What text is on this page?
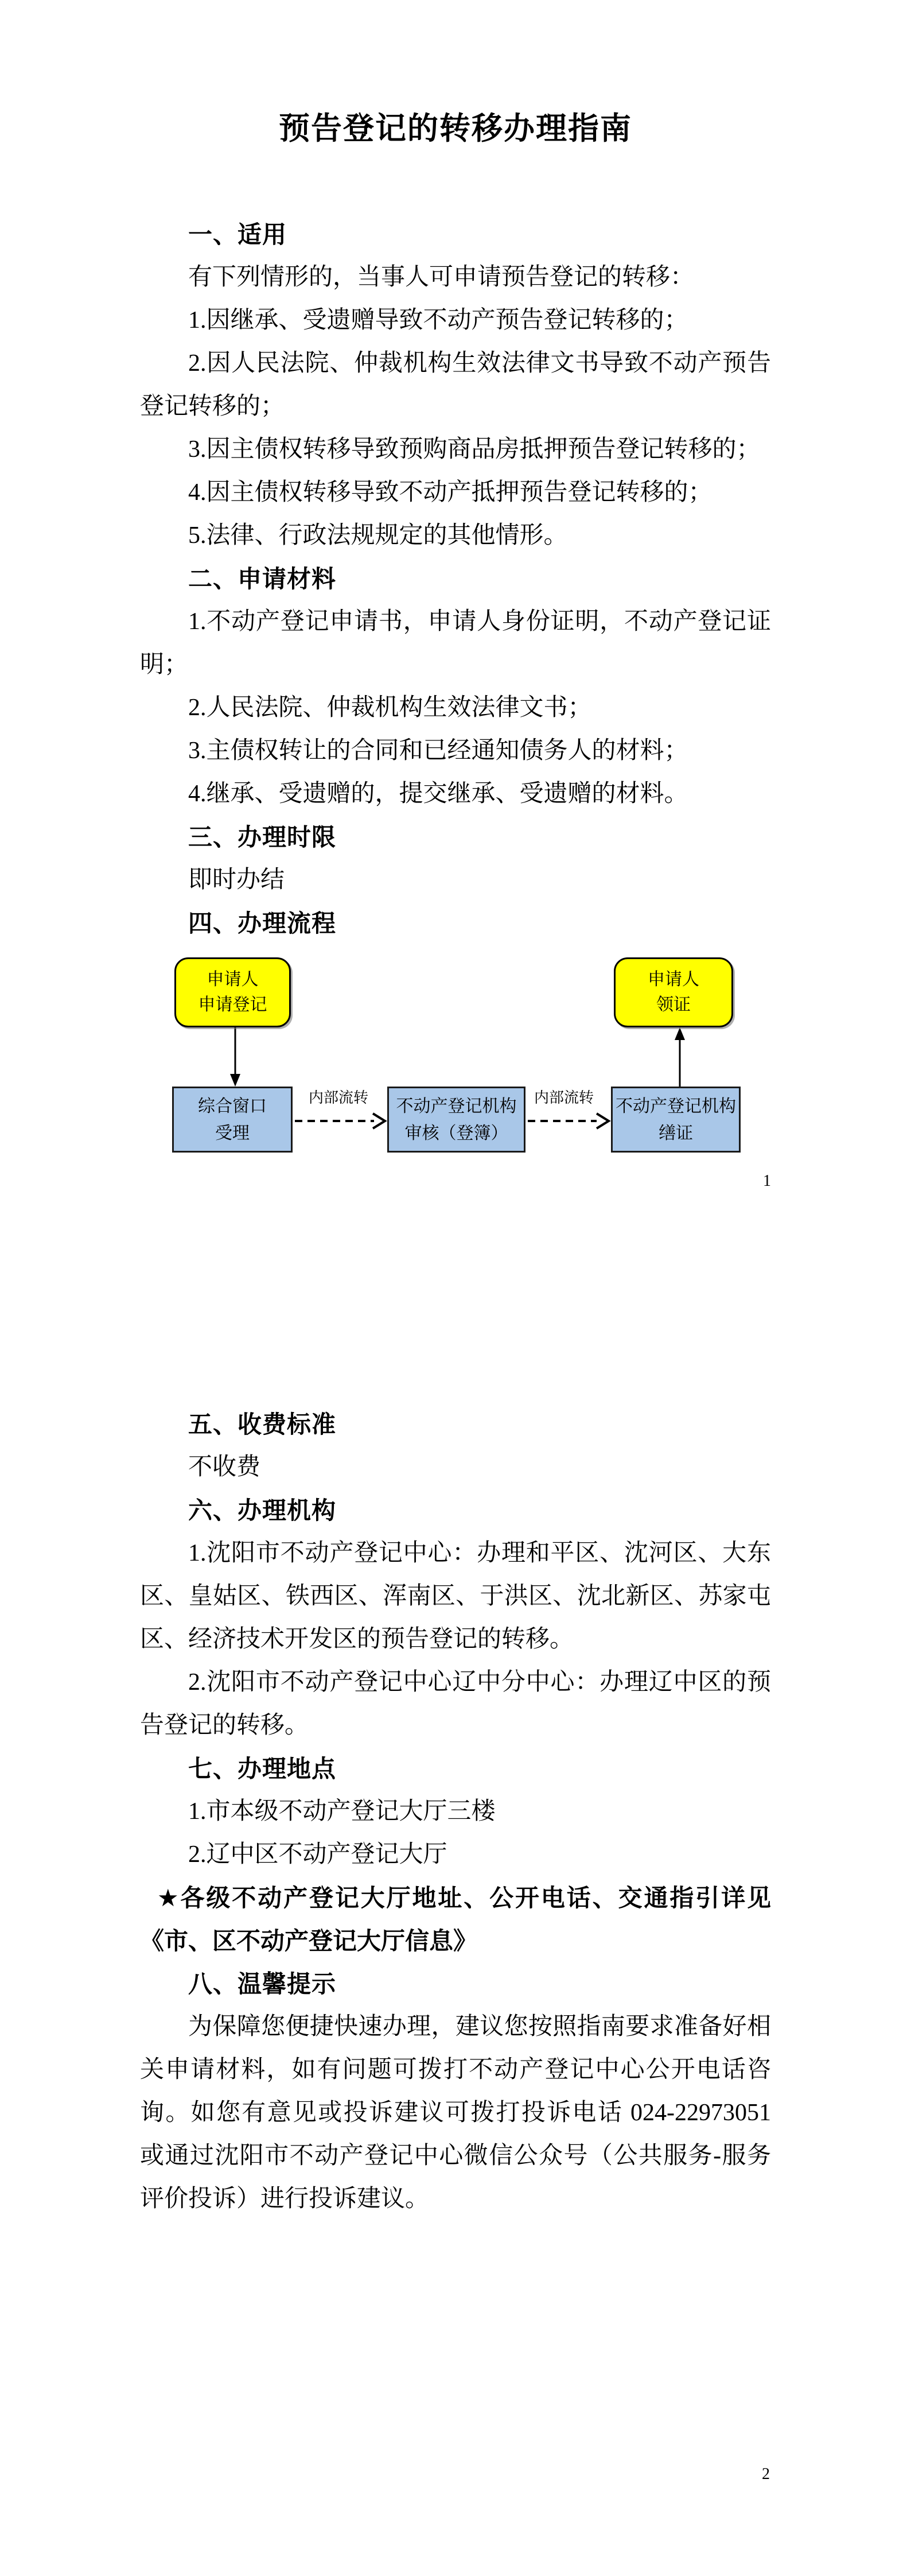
预告登记的转移办理指南
一、适用

有下列情形的，当事人可申请预告登记的转移：

1.因继承、受遗赠导致不动产预告登记转移的；

2.因人民法院、仲裁机构生效法律文书导致不动产预告登记转移的；

3.因主债权转移导致预购商品房抵押预告登记转移的；

4.因主债权转移导致不动产抵押预告登记转移的；

5.法律、行政法规规定的其他情形。

二、申请材料

1.不动产登记申请书，申请人身份证明，不动产登记证明；

2.人民法院、仲裁机构生效法律文书；

3.主债权转让的合同和已经通知债务人的材料；

4.继承、受遗赠的，提交继承、受遗赠的材料。

三、办理时限

即时办结

四、办理流程
申请人
申请登记
申请人
领证
综合窗口
受理
不动产登记机构
审核（登簿）
不动产登记机构
缮证
内部流转	内部流转
1
五、收费标准

不收费

六、办理机构

1.沈阳市不动产登记中心：办理和平区、沈河区、大东区、皇姑区、铁西区、浑南区、于洪区、沈北新区、苏家屯区、经济技术开发区的预告登记的转移。

2.沈阳市不动产登记中心辽中分中心：办理辽中区的预告登记的转移。

七、办理地点

1.市本级不动产登记大厅三楼

2.辽中区不动产登记大厅

★各级不动产登记大厅地址、公开电话、交通指引详见《市、区不动产登记大厅信息》

八、温馨提示

为保障您便捷快速办理，建议您按照指南要求准备好相关申请材料，如有问题可拨打不动产登记中心公开电话咨询。如您有意见或投诉建议可拨打投诉电话 024-22973051 或通过沈阳市不动产登记中心微信公众号（公共服务-服务评价投诉）进行投诉建议。

2
